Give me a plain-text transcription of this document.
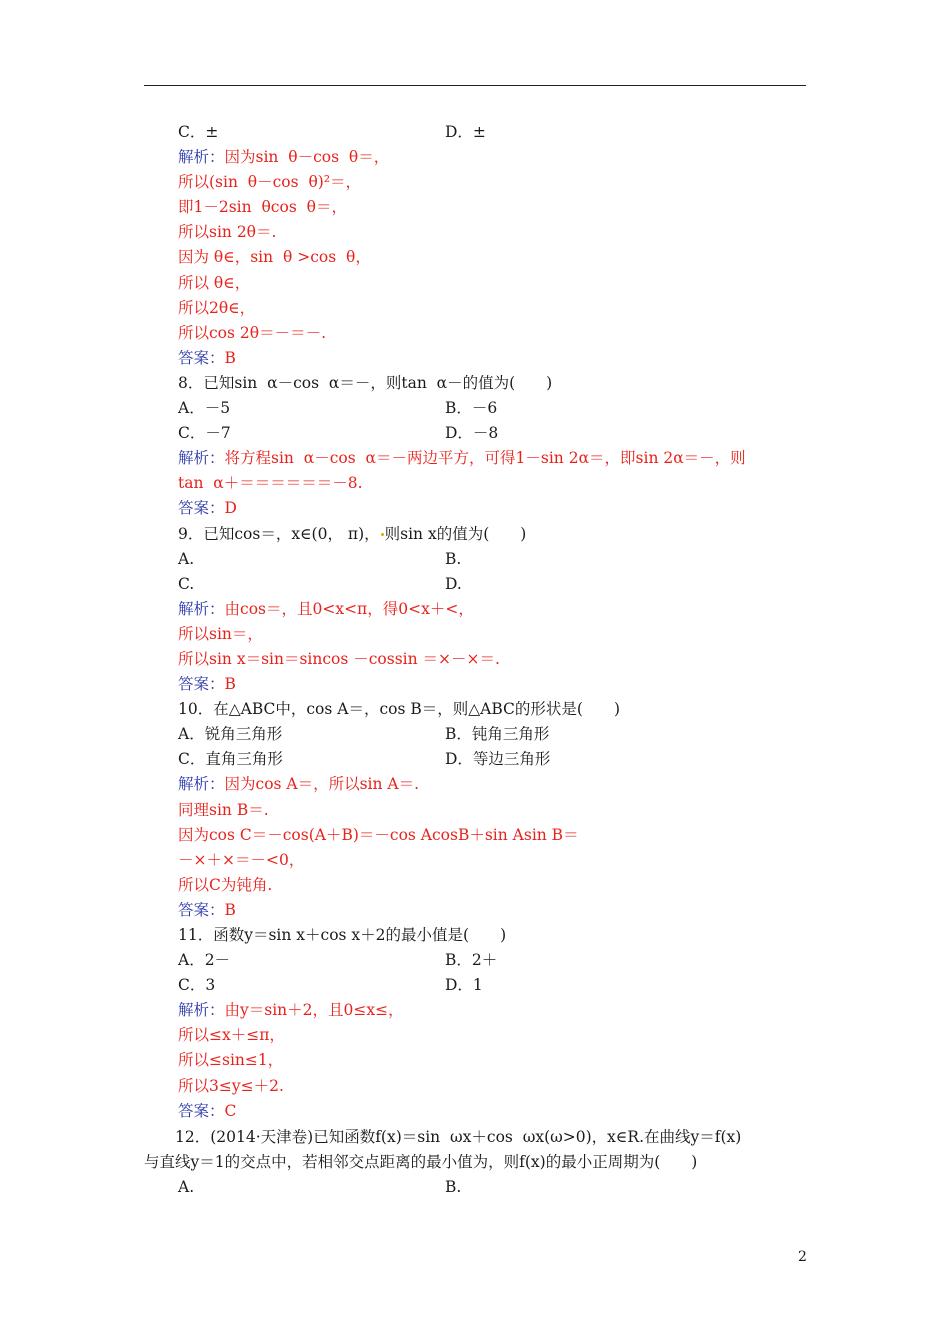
C．±	D．±
解析：因为sin  θ－cos  θ＝，
所以(sin  θ－cos  θ)²＝，
即1－2sin  θcos  θ＝，
所以sin 2θ＝.
因为 θ∈，sin  θ >cos  θ，
所以 θ∈，
所以2θ∈，
所以cos 2θ＝－＝－.
答案：B
8．已知sin  α－cos  α＝－，则tan  α－的值为(　　)
A．－5	B．－6
C．－7	D．－8
解析：将方程sin  α－cos  α＝－两边平方，可得1－sin 2α＝，即sin 2α＝－，则
tan  α＋＝＝＝＝＝＝－8.
答案：D
9．已知cos＝，x∈(0， π)， 则sin x的值为(　　)
A.	B.
C.	D.
解析：由cos＝，且0<x<π，得0<x＋<，
所以sin＝，
所以sin x＝sin＝sincos －cossin ＝×－×＝.
答案：B
10．在△ABC中，cos A＝，cos B＝，则△ABC的形状是(　　)
A．锐角三角形	B．钝角三角形
C．直角三角形	D．等边三角形
解析：因为cos A＝，所以sin A＝.
同理sin B＝.
因为cos C＝－cos(A＋B)＝－cos AcosB＋sin Asin B＝
－×＋×＝－<0，
所以C为钝角.
答案：B
11．函数y＝sin x＋cos x＋2的最小值是(　　)
A．2－	B．2＋
C．3	D．1
解析：由y＝sin＋2，且0≤x≤，
所以≤x＋≤π，
所以≤sin≤1，
所以3≤y≤＋2.
答案：C
　　12．(2014·天津卷)已知函数f(x)＝sin  ωx＋cos  ωx(ω>0)，x∈R.在曲线y＝f(x)
与直线y＝1的交点中，若相邻交点距离的最小值为，则f(x)的最小正周期为(　　)
A.	B.
2
